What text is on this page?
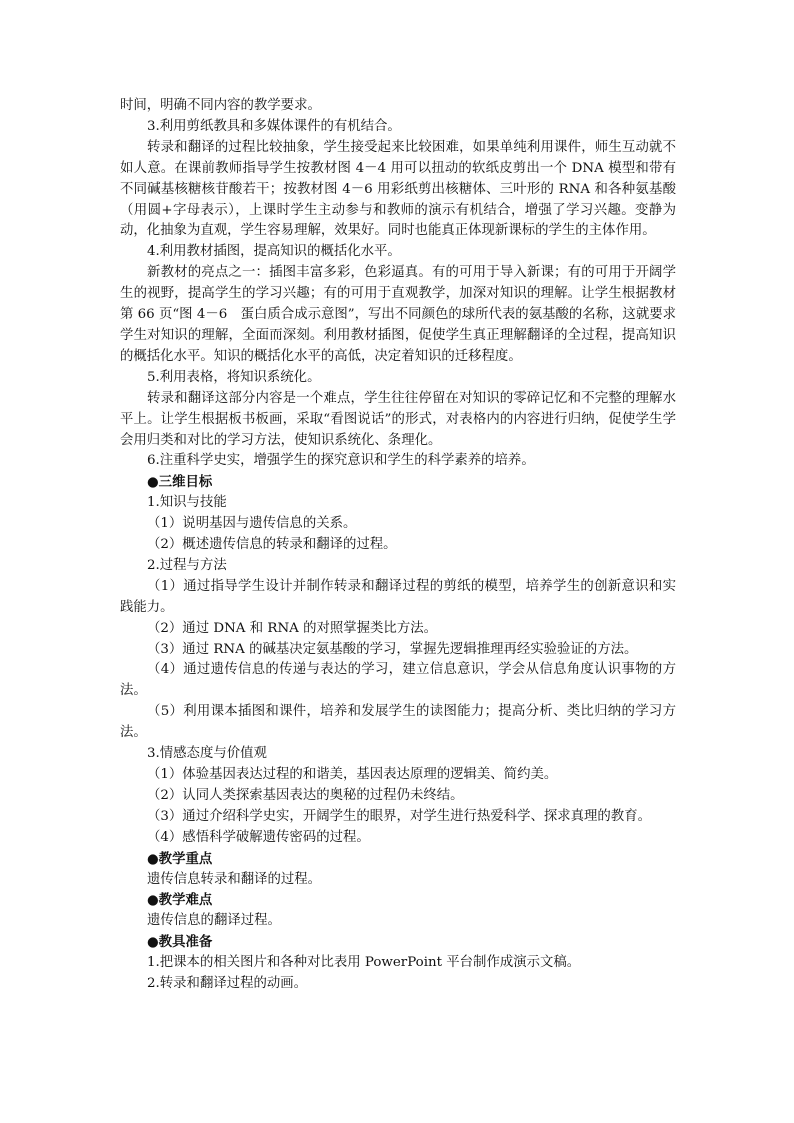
时间，明确不同内容的教学要求。

3.利用剪纸教具和多媒体课件的有机结合。

转录和翻译的过程比较抽象，学生接受起来比较困难，如果单纯利用课件，师生互动就不如人意。在课前教师指导学生按教材图 4－4 用可以扭动的软纸皮剪出一个 DNA 模型和带有不同碱基核糖核苷酸若干；按教材图 4－6 用彩纸剪出核糖体、三叶形的 RNA 和各种氨基酸（用圆+字母表示），上课时学生主动参与和教师的演示有机结合，增强了学习兴趣。变静为动，化抽象为直观，学生容易理解，效果好。同时也能真正体现新课标的学生的主体作用。

4.利用教材插图，提高知识的概括化水平。

新教材的亮点之一：插图丰富多彩，色彩逼真。有的可用于导入新课；有的可用于开阔学生的视野，提高学生的学习兴趣；有的可用于直观教学，加深对知识的理解。让学生根据教材第 66 页“图 4－6　蛋白质合成示意图”，写出不同颜色的球所代表的氨基酸的名称，这就要求学生对知识的理解，全面而深刻。利用教材插图，促使学生真正理解翻译的全过程，提高知识的概括化水平。知识的概括化水平的高低，决定着知识的迁移程度。

5.利用表格，将知识系统化。

转录和翻译这部分内容是一个难点，学生往往停留在对知识的零碎记忆和不完整的理解水平上。让学生根据板书板画，采取“看图说话”的形式，对表格内的内容进行归纳，促使学生学会用归类和对比的学习方法，使知识系统化、条理化。

6.注重科学史实，增强学生的探究意识和学生的科学素养的培养。

●三维目标

1.知识与技能

（1）说明基因与遗传信息的关系。

（2）概述遗传信息的转录和翻译的过程。

2.过程与方法

（1）通过指导学生设计并制作转录和翻译过程的剪纸的模型，培养学生的创新意识和实践能力。

（2）通过 DNA 和 RNA 的对照掌握类比方法。

（3）通过 RNA 的碱基决定氨基酸的学习，掌握先逻辑推理再经实验验证的方法。

（4）通过遗传信息的传递与表达的学习，建立信息意识，学会从信息角度认识事物的方法。

（5）利用课本插图和课件，培养和发展学生的读图能力；提高分析、类比归纳的学习方法。

3.情感态度与价值观

（1）体验基因表达过程的和谐美，基因表达原理的逻辑美、简约美。

（2）认同人类探索基因表达的奥秘的过程仍未终结。

（3）通过介绍科学史实，开阔学生的眼界，对学生进行热爱科学、探求真理的教育。

（4）感悟科学破解遗传密码的过程。

●教学重点

遗传信息转录和翻译的过程。

●教学难点

遗传信息的翻译过程。

●教具准备

1.把课本的相关图片和各种对比表用 PowerPoint 平台制作成演示文稿。

2.转录和翻译过程的动画。
